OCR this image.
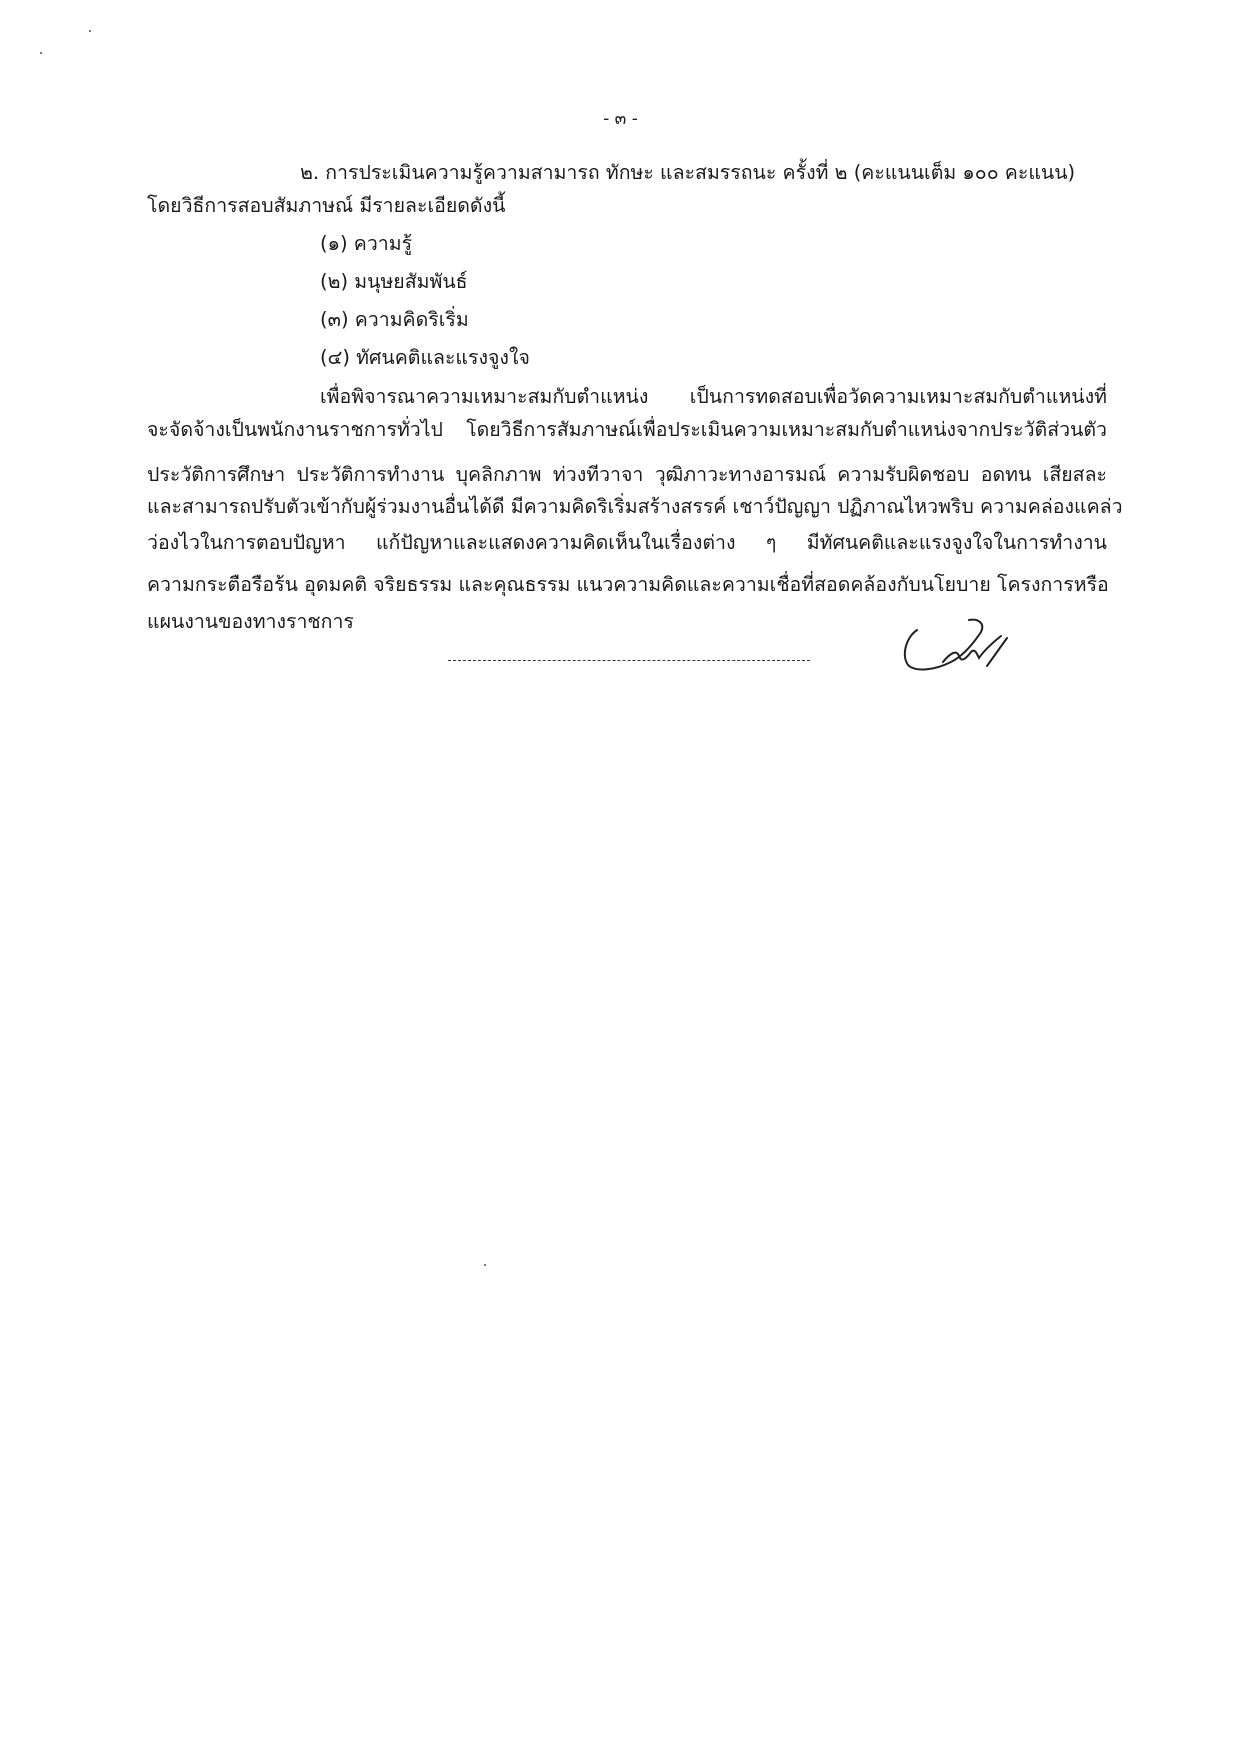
- ๓ -
๒. การประเมินความรู้ความสามารถ ทักษะ และสมรรถนะ ครั้งที่ ๒ (คะแนนเต็ม ๑๐๐ คะแนน)
โดยวิธีการสอบสัมภาษณ์ มีรายละเอียดดังนี้
(๑) ความรู้
(๒) มนุษยสัมพันธ์
(๓) ความคิดริเริ่ม
(๔) ทัศนคติและแรงจูงใจ
เพื่อพิจารณาความเหมาะสมกับตำแหน่ง เป็นการทดสอบเพื่อวัดความเหมาะสมกับตำแหน่งที่
จะจัดจ้างเป็นพนักงานราชการทั่วไป โดยวิธีการสัมภาษณ์เพื่อประเมินความเหมาะสมกับตำแหน่งจากประวัติส่วนตัว
ประวัติการศึกษา ประวัติการทำงาน บุคลิกภาพ ท่วงทีวาจา วุฒิภาวะทางอารมณ์ ความรับผิดชอบ อดทน เสียสละ
และสามารถปรับตัวเข้ากับผู้ร่วมงานอื่นได้ดี มีความคิดริเริ่มสร้างสรรค์ เชาว์ปัญญา ปฏิภาณไหวพริบ ความคล่องแคล่ว
ว่องไวในการตอบปัญหา แก้ปัญหาและแสดงความคิดเห็นในเรื่องต่าง ๆ มีทัศนคติและแรงจูงใจในการทำงาน
ความกระตือรือร้น อุดมคติ จริยธรรม และคุณธรรม แนวความคิดและความเชื่อที่สอดคล้องกับนโยบาย โครงการหรือ
แผนงานของทางราชการ
